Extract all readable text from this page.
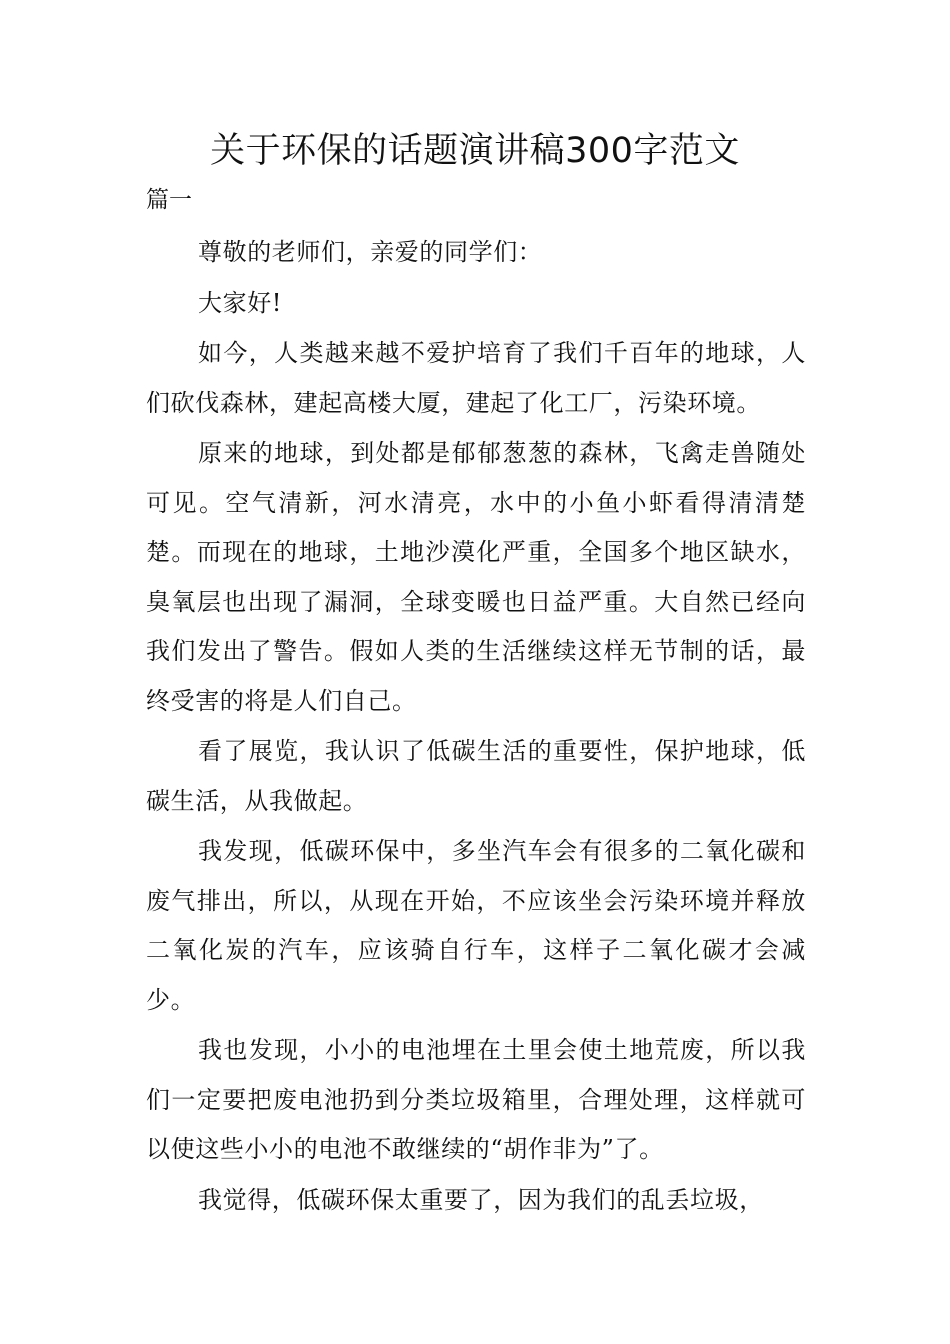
关于环保的话题演讲稿300字范文

篇一

尊敬的老师们，亲爱的同学们：

大家好!

如今，人类越来越不爱护培育了我们千百年的地球，人们砍伐森林，建起高楼大厦，建起了化工厂，污染环境。

原来的地球，到处都是郁郁葱葱的森林，飞禽走兽随处可见。空气清新，河水清亮，水中的小鱼小虾看得清清楚楚。而现在的地球，土地沙漠化严重，全国多个地区缺水，臭氧层也出现了漏洞，全球变暖也日益严重。大自然已经向我们发出了警告。假如人类的生活继续这样无节制的话，最终受害的将是人们自己。

看了展览，我认识了低碳生活的重要性，保护地球，低碳生活，从我做起。

我发现，低碳环保中，多坐汽车会有很多的二氧化碳和废气排出，所以，从现在开始，不应该坐会污染环境并释放二氧化炭的汽车，应该骑自行车，这样子二氧化碳才会减少。

我也发现，小小的电池埋在土里会使土地荒废，所以我们一定要把废电池扔到分类垃圾箱里，合理处理，这样就可以使这些小小的电池不敢继续的“胡作非为”了。

我觉得，低碳环保太重要了，因为我们的乱丢垃圾，
